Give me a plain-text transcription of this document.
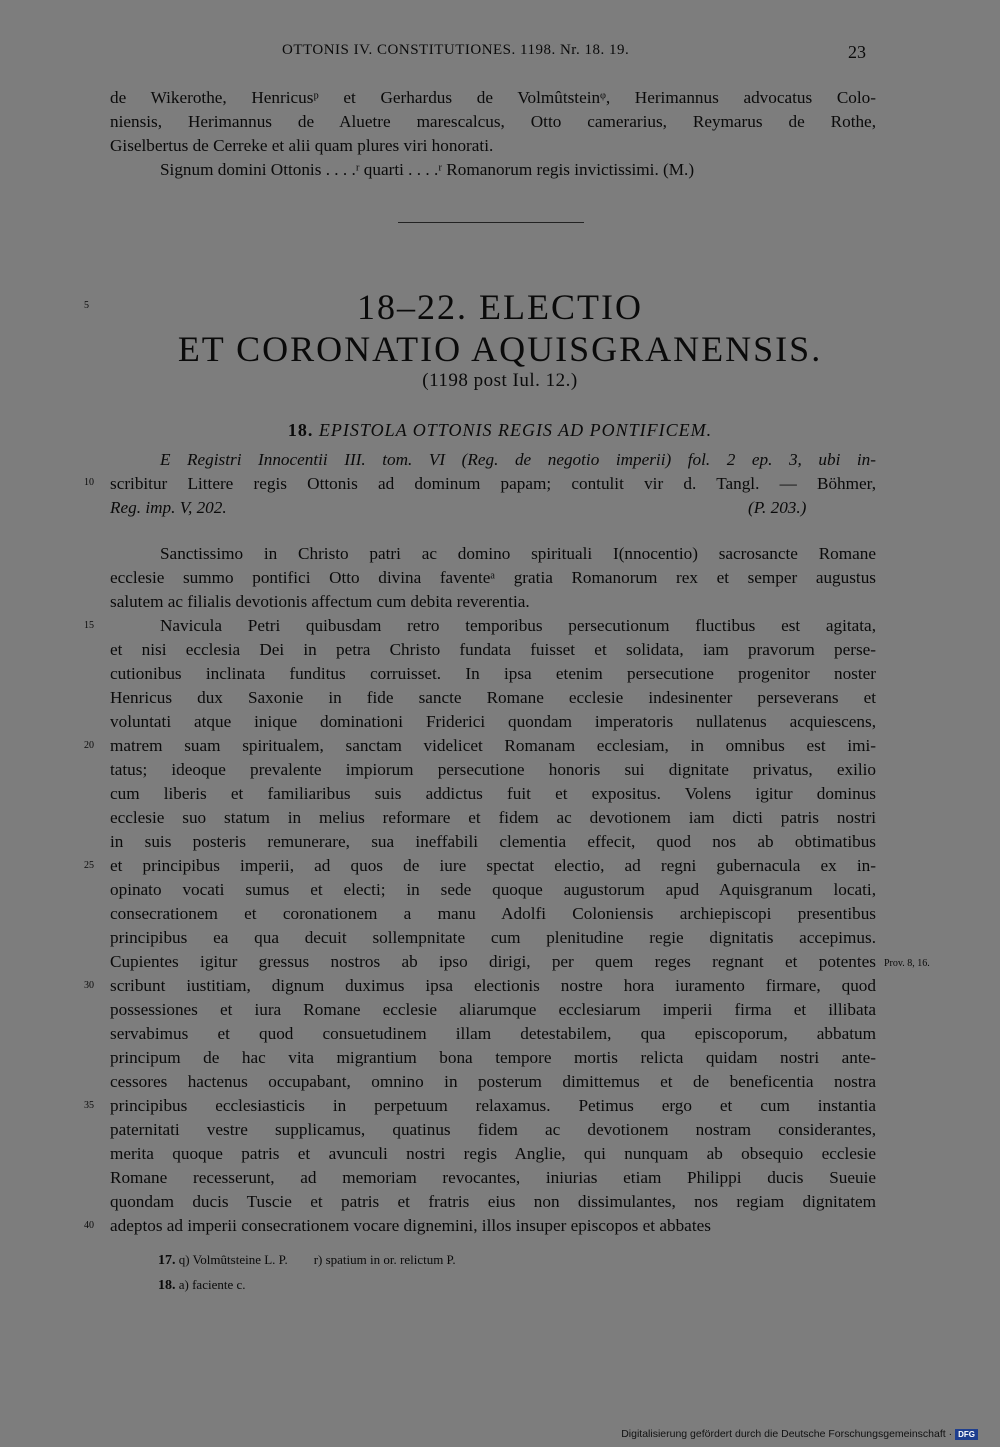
OTTONIS IV. CONSTITUTIONES. 1198. Nr. 18. 19.	23
de Wikerothe, Henricusᵖ et Gerhardus de Volmûtsteinᵠ, Herimannus advocatus Colo-
niensis, Herimannus de Aluetre marescalcus, Otto camerarius, Reymarus de Rothe,
Giselbertus de Cerreke et alii quam plures viri honorati.
Signum domini Ottonis . . . .ʳ quarti . . . .ʳ Romanorum regis invictissimi. (M.)
5	18–22. ELECTIO
ET CORONATIO AQUISGRANENSIS.
(1198 post Iul. 12.)
18. EPISTOLA OTTONIS REGIS AD PONTIFICEM.
E Registri Innocentii III. tom. VI (Reg. de negotio imperii) fol. 2 ep. 3, ubi in-
10 scribitur Littere regis Ottonis ad dominum papam; contulit vir d. Tangl. — Böhmer,
Reg. imp. V, 202.	(P. 203.)
Sanctissimo in Christo patri ac domino spirituali I(nnocentio) sacrosancte Romane
ecclesie summo pontifici Otto divina faventeᵃ gratia Romanorum rex et semper augustus
salutem ac filialis devotionis affectum cum debita reverentia.
Navicula Petri quibusdam retro temporibus persecutionum fluctibus est agitata,
et nisi ecclesia Dei in petra Christo fundata fuisset et solidata, iam pravorum perse-
cutionibus inclinata funditus corruisset. In ipsa etenim persecutione progenitor noster
Henricus dux Saxonie in fide sancte Romane ecclesie indesinenter perseverans et
voluntati atque inique dominationi Friderici quondam imperatoris nullatenus acquiescens,
matrem suam spiritualem, sanctam videlicet Romanam ecclesiam, in omnibus est imi-
tatus; ideoque prevalente impiorum persecutione honoris sui dignitate privatus, exilio
cum liberis et familiaribus suis addictus fuit et expositus. Volens igitur dominus
ecclesie suo statum in melius reformare et fidem ac devotionem iam dicti patris nostri
in suis posteris remunerare, sua ineffabili clementia effecit, quod nos ab obtimatibus
et principibus imperii, ad quos de iure spectat electio, ad regni gubernacula ex in-
opinato vocati sumus et electi; in sede quoque augustorum apud Aquisgranum locati,
consecrationem et coronationem a manu Adolfi Coloniensis archiepiscopi presentibus
principibus ea qua decuit sollempnitate cum plenitudine regie dignitatis accepimus.
Cupientes igitur gressus nostros ab ipso dirigi, per quem reges regnant et potentes
scribunt iustitiam, dignum duximus ipsa electionis nostre hora iuramento firmare, quod
possessiones et iura Romane ecclesie aliarumque ecclesiarum imperii firma et illibata
servabimus et quod consuetudinem illam detestabilem, qua episcoporum, abbatum
principum de hac vita migrantium bona tempore mortis relicta quidam nostri ante-
cessores hactenus occupabant, omnino in posterum dimittemus et de beneficentia nostra
principibus ecclesiasticis in perpetuum relaxamus. Petimus ergo et cum instantia
paternitati vestre supplicamus, quatinus fidem ac devotionem nostram considerantes,
merita quoque patris et avunculi nostri regis Anglie, qui nunquam ab obsequio ecclesie
Romane recesserunt, ad memoriam revocantes, iniurias etiam Philippi ducis Sueuie
quondam ducis Tuscie et patris et fratris eius non dissimulantes, nos regiam dignitatem
adeptos ad imperii consecrationem vocare dignemini, illos insuper episcopos et abbates
15
20
25
30
35
40
Prov. 8, 16.
17. q) Volmûtsteine L. P.        r) spatium in or. relictum P.
18. a) faciente c.
Digitalisierung gefördert durch die Deutsche Forschungsgemeinschaft · DFG
